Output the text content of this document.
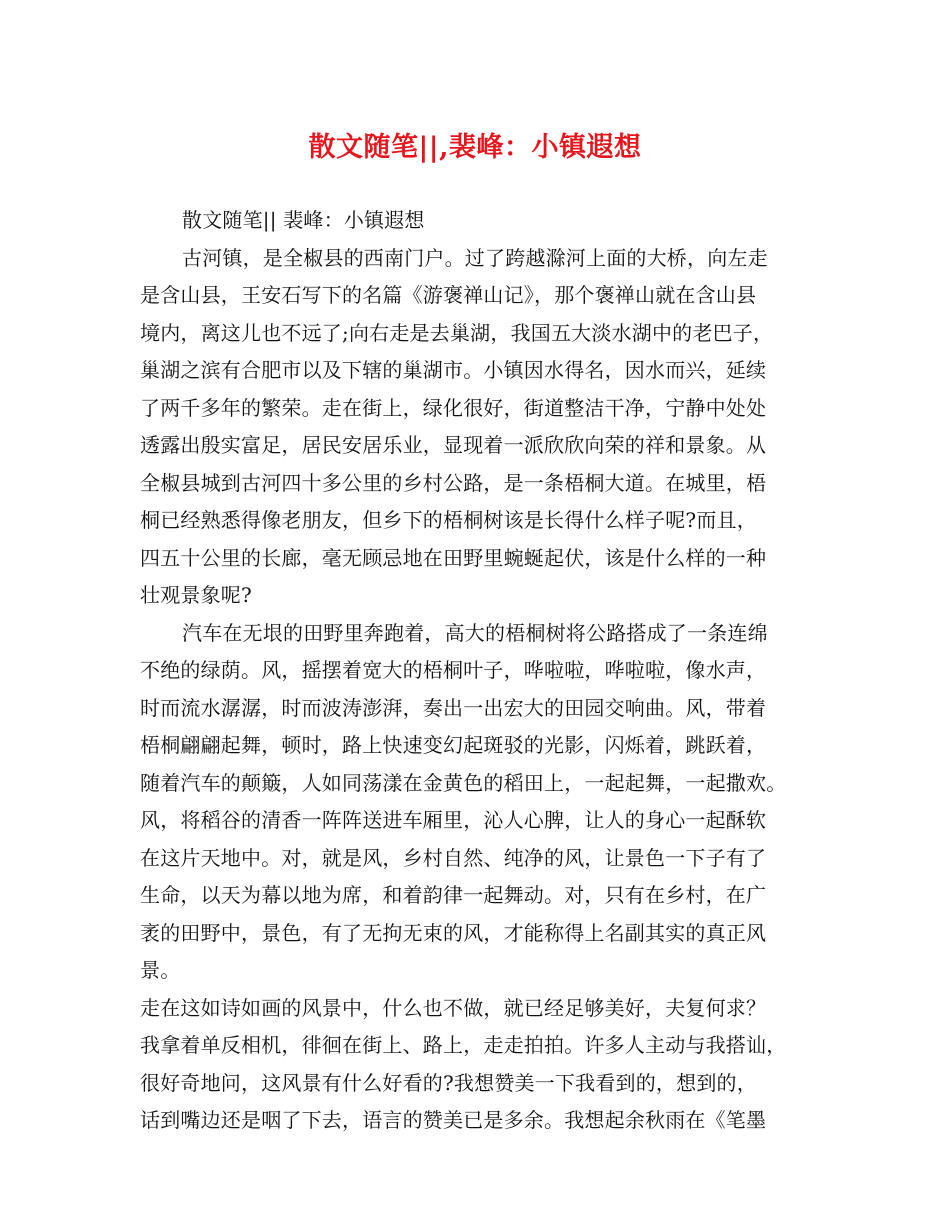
散文随笔||,裴峰：小镇遐想
散文随笔|| 裴峰：小镇遐想
古河镇，是全椒县的西南门户。过了跨越滁河上面的大桥，向左走
是含山县，王安石写下的名篇《游褒禅山记》，那个褒禅山就在含山县
境内，离这儿也不远了;向右走是去巢湖，我国五大淡水湖中的老巴子，
巢湖之滨有合肥市以及下辖的巢湖市。小镇因水得名，因水而兴，延续
了两千多年的繁荣。走在街上，绿化很好，街道整洁干净，宁静中处处
透露出殷实富足，居民安居乐业，显现着一派欣欣向荣的祥和景象。从
全椒县城到古河四十多公里的乡村公路，是一条梧桐大道。在城里，梧
桐已经熟悉得像老朋友，但乡下的梧桐树该是长得什么样子呢?而且，
四五十公里的长廊，毫无顾忌地在田野里蜿蜒起伏，该是什么样的一种
壮观景象呢?
汽车在无垠的田野里奔跑着，高大的梧桐树将公路搭成了一条连绵
不绝的绿荫。风，摇摆着宽大的梧桐叶子，哗啦啦，哗啦啦，像水声，
时而流水潺潺，时而波涛澎湃，奏出一出宏大的田园交响曲。风，带着
梧桐翩翩起舞，顿时，路上快速变幻起斑驳的光影，闪烁着，跳跃着，
随着汽车的颠簸，人如同荡漾在金黄色的稻田上，一起起舞，一起撒欢。
风，将稻谷的清香一阵阵送进车厢里，沁人心脾，让人的身心一起酥软
在这片天地中。对，就是风，乡村自然、纯净的风，让景色一下子有了
生命，以天为幕以地为席，和着韵律一起舞动。对，只有在乡村，在广
袤的田野中，景色，有了无拘无束的风，才能称得上名副其实的真正风
景。
走在这如诗如画的风景中，什么也不做，就已经足够美好，夫复何求？
我拿着单反相机，徘徊在街上、路上，走走拍拍。许多人主动与我搭讪，
很好奇地问，这风景有什么好看的?我想赞美一下我看到的，想到的，
话到嘴边还是咽了下去，语言的赞美已是多余。我想起余秋雨在《笔墨
